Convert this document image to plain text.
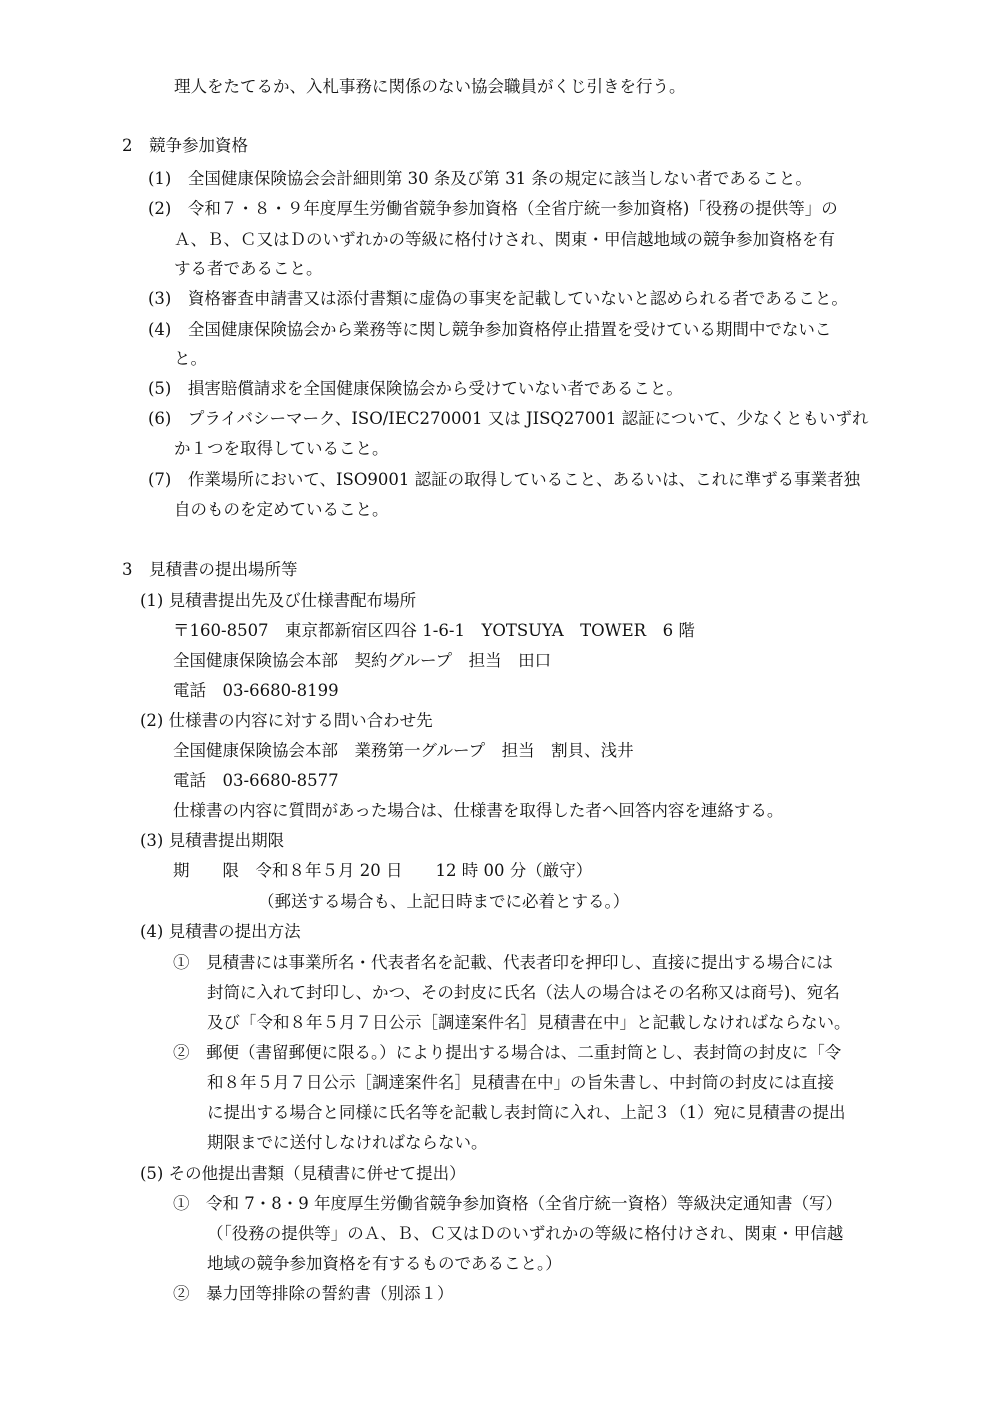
理人をたてるか、入札事務に関係のない協会職員がくじ引きを行う。
2　競争参加資格
(1)　全国健康保険協会会計細則第 30 条及び第 31 条の規定に該当しない者であること。
(2)　令和７・８・９年度厚生労働省競争参加資格（全省庁統一参加資格)「役務の提供等」の
Ａ、Ｂ、Ｃ又はＤのいずれかの等級に格付けされ、関東・甲信越地域の競争参加資格を有
する者であること。
(3)　資格審査申請書又は添付書類に虚偽の事実を記載していないと認められる者であること。
(4)　全国健康保険協会から業務等に関し競争参加資格停止措置を受けている期間中でないこ
と。
(5)　損害賠償請求を全国健康保険協会から受けていない者であること。
(6)　プライバシーマーク、ISO/IEC270001 又は JISQ27001 認証について、少なくともいずれ
か１つを取得していること。
(7)　作業場所において、ISO9001 認証の取得していること、あるいは、これに準ずる事業者独
自のものを定めていること。
3　見積書の提出場所等
(1) 見積書提出先及び仕様書配布場所
〒160-8507　東京都新宿区四谷 1-6-1　YOTSUYA　TOWER　6 階
全国健康保険協会本部　契約グループ　担当　田口
電話　03-6680-8199
(2) 仕様書の内容に対する問い合わせ先
全国健康保険協会本部　業務第一グループ　担当　割貝、浅井
電話　03-6680-8577
仕様書の内容に質問があった場合は、仕様書を取得した者へ回答内容を連絡する。
(3) 見積書提出期限
期　　限　令和８年５月 20 日　　12 時 00 分（厳守）
（郵送する場合も、上記日時までに必着とする。）
(4) 見積書の提出方法
①　見積書には事業所名・代表者名を記載、代表者印を押印し、直接に提出する場合には
封筒に入れて封印し、かつ、その封皮に氏名（法人の場合はその名称又は商号)、宛名
及び「令和８年５月７日公示［調達案件名］見積書在中」と記載しなければならない。
②　郵便（書留郵便に限る。）により提出する場合は、二重封筒とし、表封筒の封皮に「令
和８年５月７日公示［調達案件名］見積書在中」の旨朱書し、中封筒の封皮には直接
に提出する場合と同様に氏名等を記載し表封筒に入れ、上記３（1）宛に見積書の提出
期限までに送付しなければならない。
(5) その他提出書類（見積書に併せて提出）
①　令和 7・8・9 年度厚生労働省競争参加資格（全省庁統一資格）等級決定通知書（写）
（「役務の提供等」のＡ、Ｂ、Ｃ又はＤのいずれかの等級に格付けされ、関東・甲信越
地域の競争参加資格を有するものであること。）
②　暴力団等排除の誓約書（別添１）
